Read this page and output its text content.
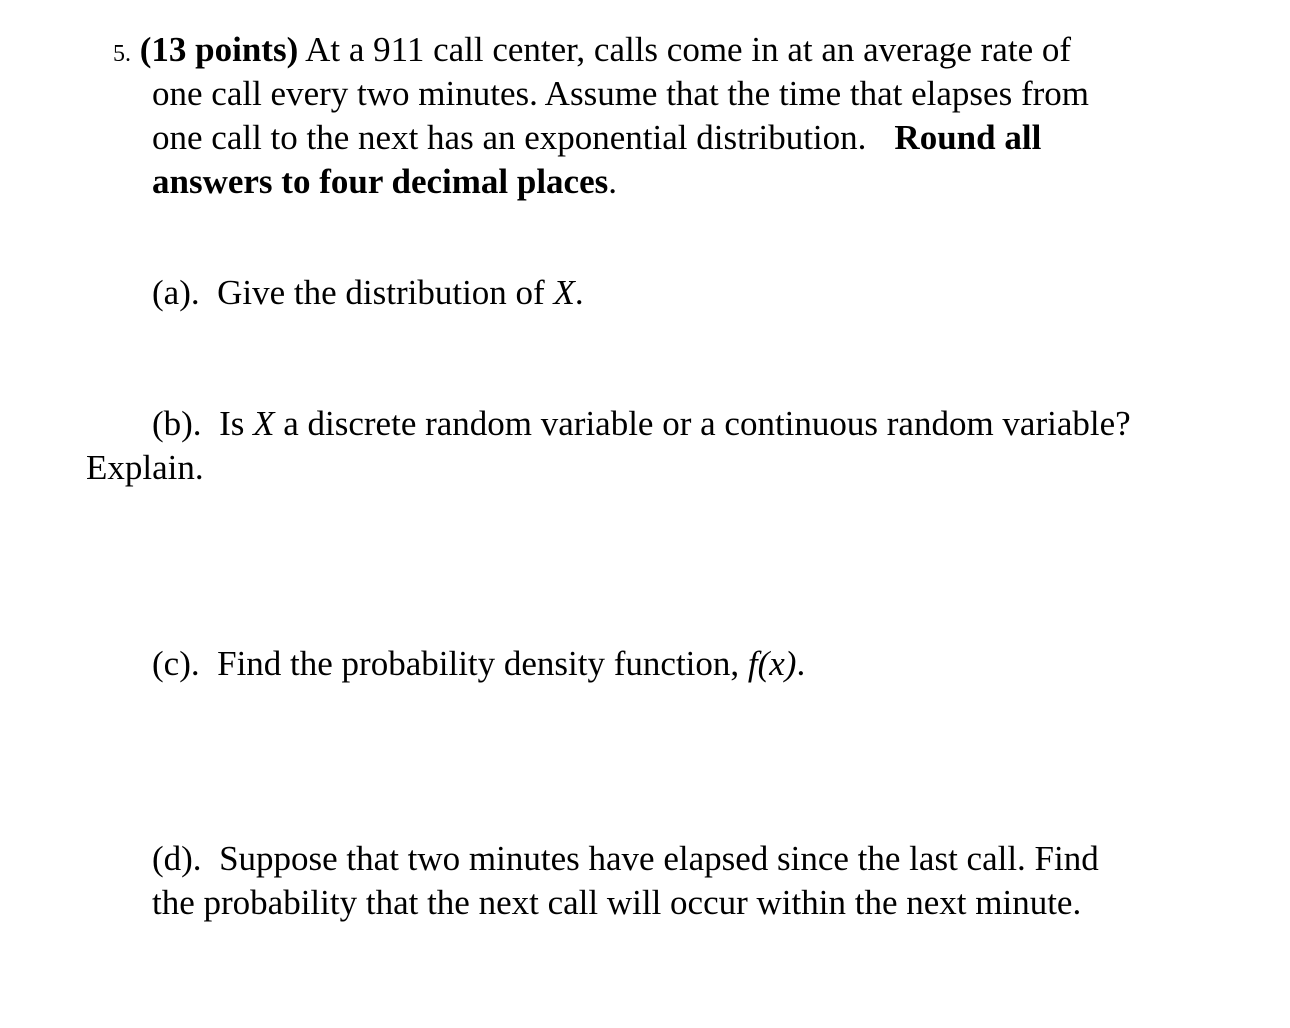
5. (13 points) At a 911 call center, calls come in at an average rate of
one call every two minutes. Assume that the time that elapses from
one call to the next has an exponential distribution. Round all
answers to four decimal places.
(a). Give the distribution of X.
(b). Is X a discrete random variable or a continuous random variable?
Explain.
(c). Find the probability density function, f(x).
(d). Suppose that two minutes have elapsed since the last call. Find
the probability that the next call will occur within the next minute.
